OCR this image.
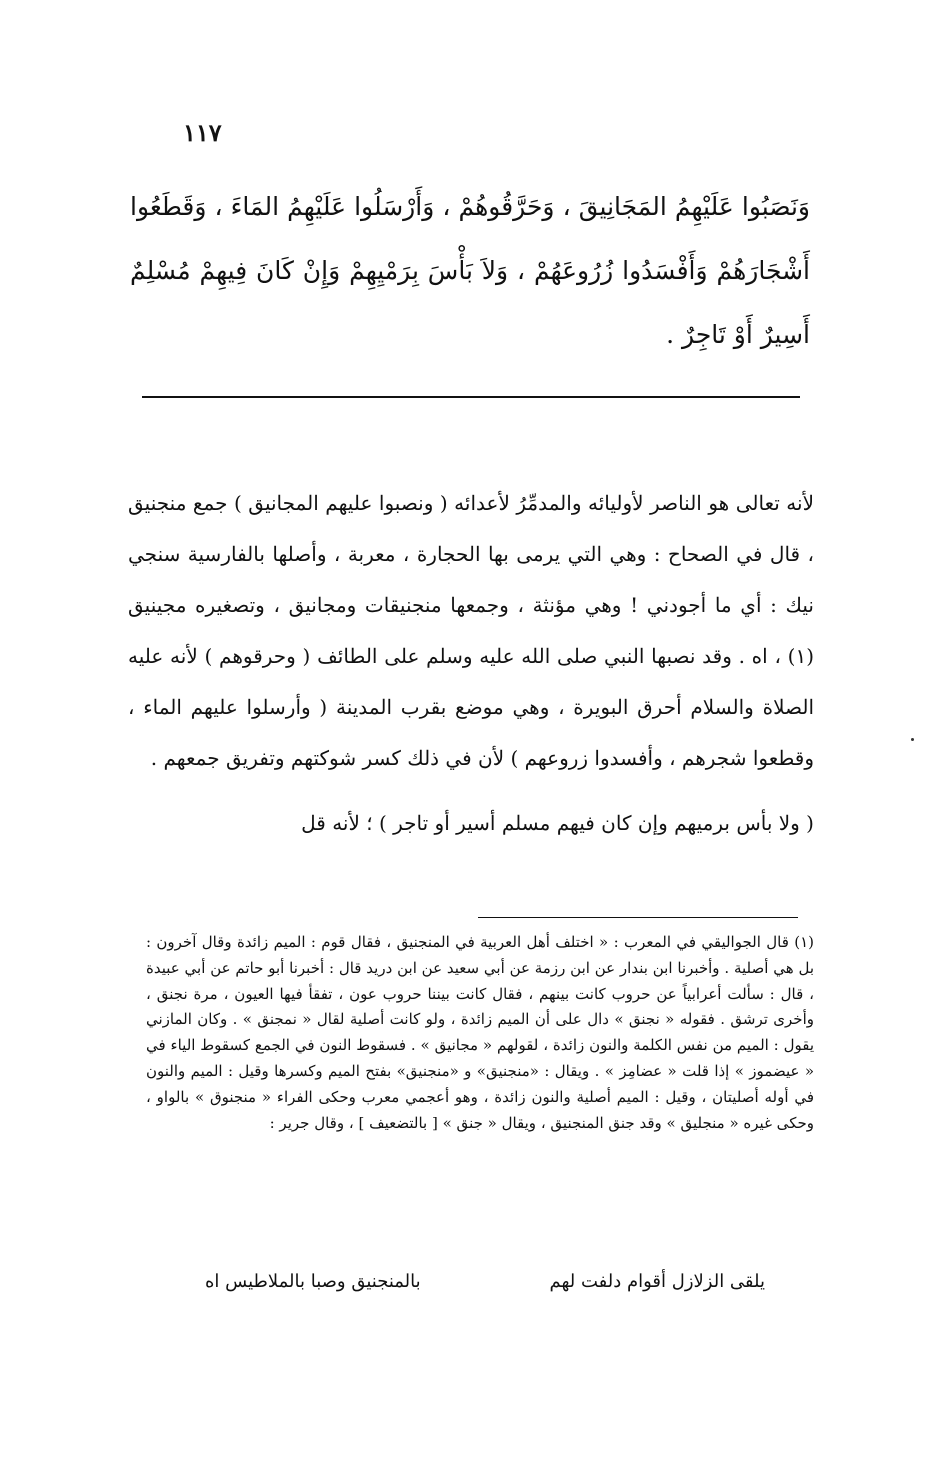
١١٧
وَنَصَبُوا عَلَيْهِمُ المَجَانِيقَ ، وَحَرَّقُوهُمْ ، وَأَرْسَلُوا عَلَيْهِمُ المَاءَ ، وَقَطَعُوا أَشْجَارَهُمْ وَأَفْسَدُوا زُرُوعَهُمْ ، وَلاَ بَأْسَ بِرَمْيِهِمْ وَإِنْ كَانَ فِيهِمْ مُسْلِمٌ أَسِيرٌ أَوْ تَاجِرٌ .

لأنه تعالى هو الناصر لأوليائه والمدمِّرُ لأعدائه ( ونصبوا عليهم المجانيق ) جمع منجنيق ، قال في الصحاح : وهي التي يرمى بها الحجارة ، معربة ، وأصلها بالفارسية سنجي نيك : أي ما أجودني ! وهي مؤنثة ، وجمعها منجنيقات ومجانيق ، وتصغيره مجينيق (١) ، اه . وقد نصبها النبي صلى الله عليه وسلم على الطائف ( وحرقوهم ) لأنه عليه الصلاة والسلام أحرق البويرة ، وهي موضع بقرب المدينة ( وأرسلوا عليهم الماء ، وقطعوا شجرهم ، وأفسدوا زروعهم ) لأن في ذلك كسر شوكتهم وتفريق جمعهم .

( ولا بأس برميهم وإن كان فيهم مسلم أسير أو تاجر ) ؛ لأنه قل

(١) قال الجواليقي في المعرب : « اختلف أهل العربية في المنجنيق ، فقال قوم : الميم زائدة وقال آخرون : بل هي أصلية . وأخبرنا ابن بندار عن ابن رزمة عن أبي سعيد عن ابن دريد قال : أخبرنا أبو حاتم عن أبي عبيدة ، قال : سألت أعرابياً عن حروب كانت بينهم ، فقال كانت بيننا حروب عون ، تفقأ فيها العيون ، مرة نجنق ، وأخرى ترشق . فقوله « نجنق » دال على أن الميم زائدة ، ولو كانت أصلية لقال « نمجنق » . وكان المازني يقول : الميم من نفس الكلمة والنون زائدة ، لقولهم « مجانيق » . فسقوط النون في الجمع كسقوط الياء في « عيضموز » إذا قلت « عضامِز » . ويقال : «منجنيق» و «منجنيق» بفتح الميم وكسرها وقيل : الميم والنون في أوله أصليتان ، وقيل : الميم أصلية والنون زائدة ، وهو أعجمي معرب وحكى الفراء « منجنوق » بالواو ، وحكى غيره « منجليق » وقد جنق المنجنيق ، ويقال « جنق » [ بالتضعيف ] ، وقال جرير :
يلقى الزلازل أقوام دلفت لهم
بالمنجنيق وصبا بالملاطيس اه
